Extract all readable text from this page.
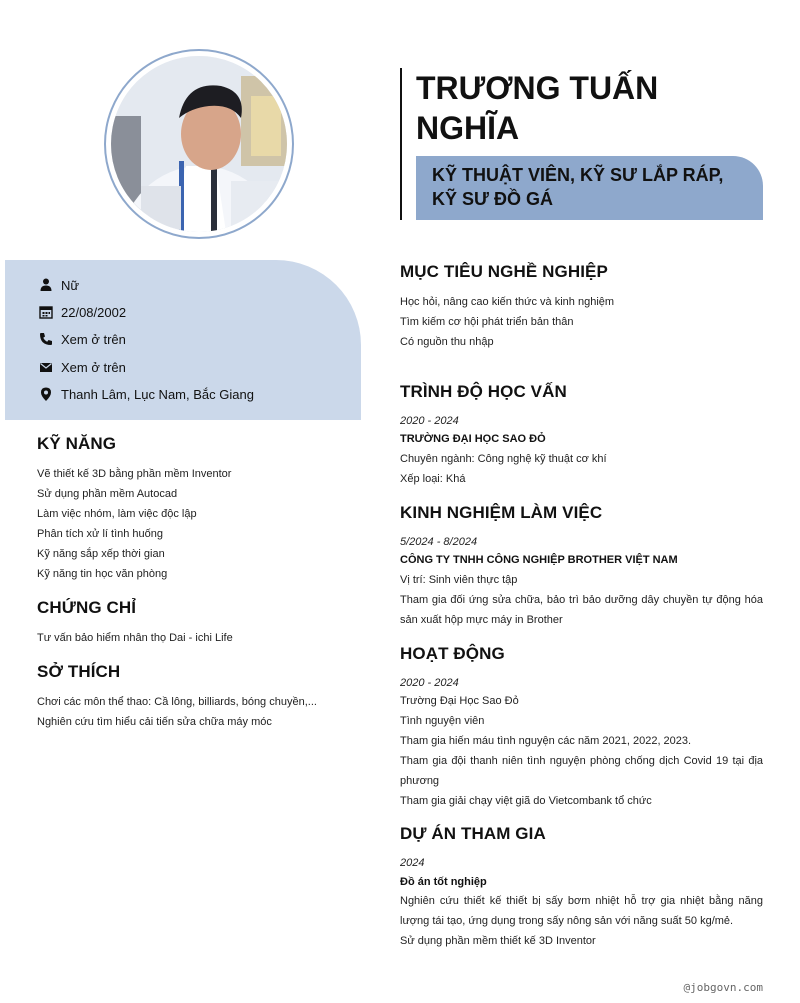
TRƯƠNG TUẤN
NGHĨA
KỸ THUẬT VIÊN, KỸ SƯ LẮP RÁP,
KỸ SƯ ĐỒ GÁ
Nữ
22/08/2002
Xem ở trên
Xem ở trên
Thanh Lâm, Lục Nam, Bắc Giang
KỸ NĂNG
Vẽ thiết kế 3D bằng phần mềm Inventor
Sử dụng phần mềm Autocad
Làm việc nhóm, làm việc độc lập
Phân tích xử lí tình huống
Kỹ năng sắp xếp thời gian
Kỹ năng tin học văn phòng
CHỨNG CHỈ
Tư vấn bảo hiểm nhân thọ Dai - ichi Life
SỞ THÍCH
Chơi các môn thể thao: Cầ lông, billiards, bóng chuyền,...
Nghiên cứu tìm hiểu cải tiến sửa chữa máy móc
MỤC TIÊU NGHỀ NGHIỆP
Học hỏi, nâng cao kiến thức và kinh nghiệm
Tìm kiếm cơ hội phát triển bản thân
Có nguồn thu nhập
TRÌNH ĐỘ HỌC VẤN
2020 - 2024
TRƯỜNG ĐẠI HỌC SAO ĐỎ
Chuyên ngành: Công nghệ kỹ thuật cơ khí
Xếp loại: Khá
KINH NGHIỆM LÀM VIỆC
5/2024 - 8/2024
CÔNG TY TNHH CÔNG NGHIỆP BROTHER VIỆT NAM
Vị trí: Sinh viên thực tập
Tham gia đối ứng sửa chữa, bảo trì bảo dưỡng dây chuyền tự động hóa sản xuất hộp mực máy in Brother
HOẠT ĐỘNG
2020 - 2024
Trường Đại Học Sao Đỏ
Tình nguyện viên
Tham gia hiến máu tình nguyện các năm 2021, 2022, 2023.
Tham gia đội thanh niên tình nguyện phòng chống dịch Covid 19 tại địa phương
Tham gia giải chạy việt giã do Vietcombank tổ chức
DỰ ÁN THAM GIA
2024
Đồ án tốt nghiệp
Nghiên cứu thiết kế thiết bị sấy bơm nhiệt hỗ trợ gia nhiệt bằng năng lượng tái tạo, ứng dụng trong sấy nông sản với năng suất 50 kg/mẻ.
Sử dụng phần mềm thiết kế 3D Inventor
@jobgovn.com
